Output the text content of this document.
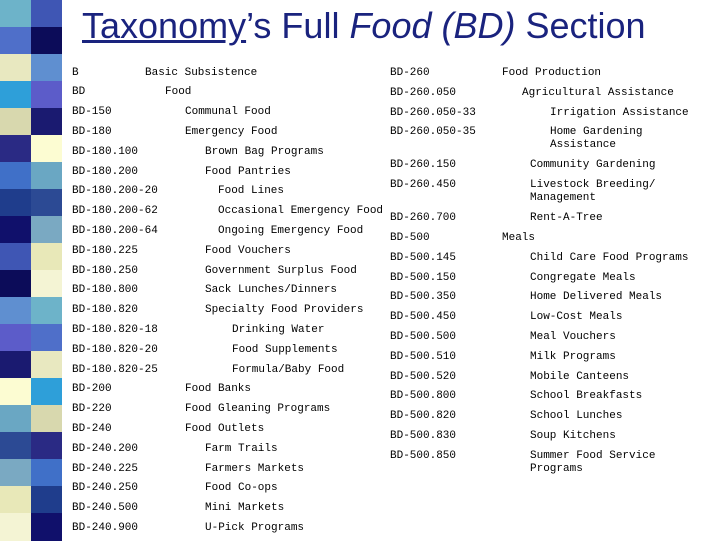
Taxonomy’s Full Food (BD) Section
B	Basic Subsistence
BD	Food
BD-150	Communal Food
BD-180	Emergency Food
BD-180.100	Brown Bag Programs
BD-180.200	Food Pantries
BD-180.200-20	Food Lines
BD-180.200-62	Occasional Emergency Food
BD-180.200-64	Ongoing Emergency Food
BD-180.225	Food Vouchers
BD-180.250	Government Surplus Food
BD-180.800	Sack Lunches/Dinners
BD-180.820	Specialty Food Providers
BD-180.820-18	Drinking Water
BD-180.820-20	Food Supplements
BD-180.820-25	Formula/Baby Food
BD-200	Food Banks
BD-220	Food Gleaning Programs
BD-240	Food Outlets
BD-240.200	Farm Trails
BD-240.225	Farmers Markets
BD-240.250	Food Co-ops
BD-240.500	Mini Markets
BD-240.900	U-Pick Programs
BD-260	Food Production
BD-260.050	Agricultural Assistance
BD-260.050-33	Irrigation Assistance
BD-260.050-35	Home Gardening
Assistance
BD-260.150	Community Gardening
BD-260.450	Livestock Breeding/
Management
BD-260.700	Rent-A-Tree
BD-500	Meals
BD-500.145	Child Care Food Programs
BD-500.150	Congregate Meals
BD-500.350	Home Delivered Meals
BD-500.450	Low-Cost Meals
BD-500.500	Meal Vouchers
BD-500.510	Milk Programs
BD-500.520	Mobile Canteens
BD-500.800	School Breakfasts
BD-500.820	School Lunches
BD-500.830	Soup Kitchens
BD-500.850	Summer Food Service
Programs
